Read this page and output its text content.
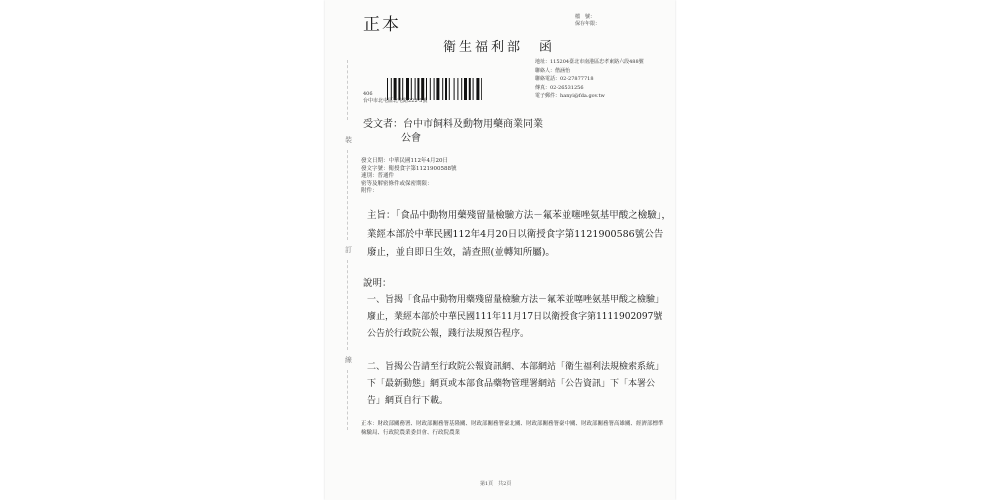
正本	檔　號：
保存年限：
衛生福利部　函
地址：115204臺北市南港區忠孝東路六段488號
聯絡人：偕涵怡
聯絡電話：02-27877718
傳真：02-26531256
電子郵件：hanyi@fda.gov.tw
406
台中市北屯區北屯路222-5號
受文者：台中市飼料及動物用藥商業同業
公會
發文日期：中華民國112年4月20日
發文字號：衛授食字第1121900588號
速別：普通件
密等及解密條件或保密期限：
附件：
主旨：「食品中動物用藥殘留量檢驗方法－氟苯並噻唑氨基甲酸之檢驗」，業經本部於中華民國112年4月20日以衛授食字第1121900586號公告廢止，並自即日生效，請查照(並轉知所屬)。
說明：
一、旨揭「食品中動物用藥殘留量檢驗方法－氟苯並噻唑氨基甲酸之檢驗」廢止，業經本部於中華民國111年11月17日以衛授食字第1111902097號公告於行政院公報，踐行法規預告程序。
二、旨揭公告請至行政院公報資訊網、本部網站「衛生福利法規檢索系統」下「最新動態」網頁或本部食品藥物管理署網站「公告資訊」下「本署公告」網頁自行下載。
正本：財政部關務署、財政部關務署基隆關、財政部關務署臺北關、財政部關務署臺中關、財政部關務署高雄關、經濟部標準檢驗局、行政院農業委員會、行政院農業
第1頁　共2頁
裝
訂
線
